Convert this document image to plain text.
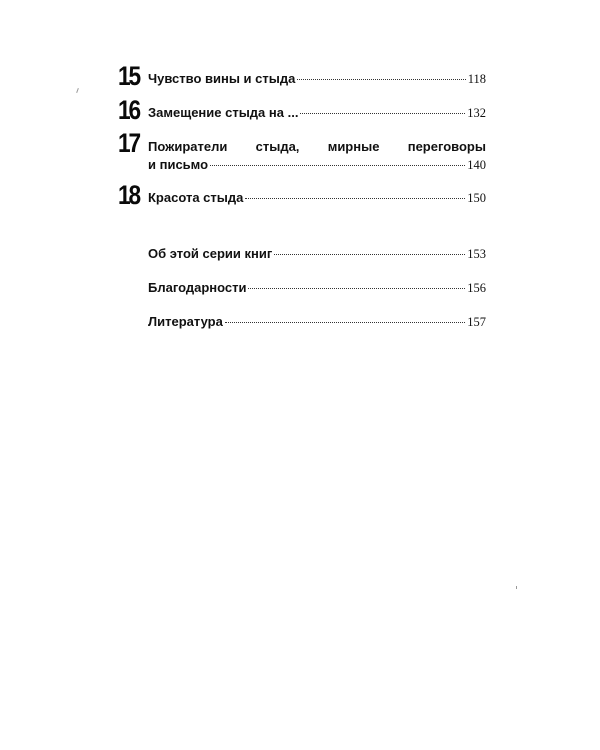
15 Чувство вины и стыда	118
16 Замещение стыда на ...	132
17 Пожиратели стыда, мирные переговоры
и письмо	140
18 Красота стыда	150
Об этой серии книг	153
Благодарности	156
Литература	157
